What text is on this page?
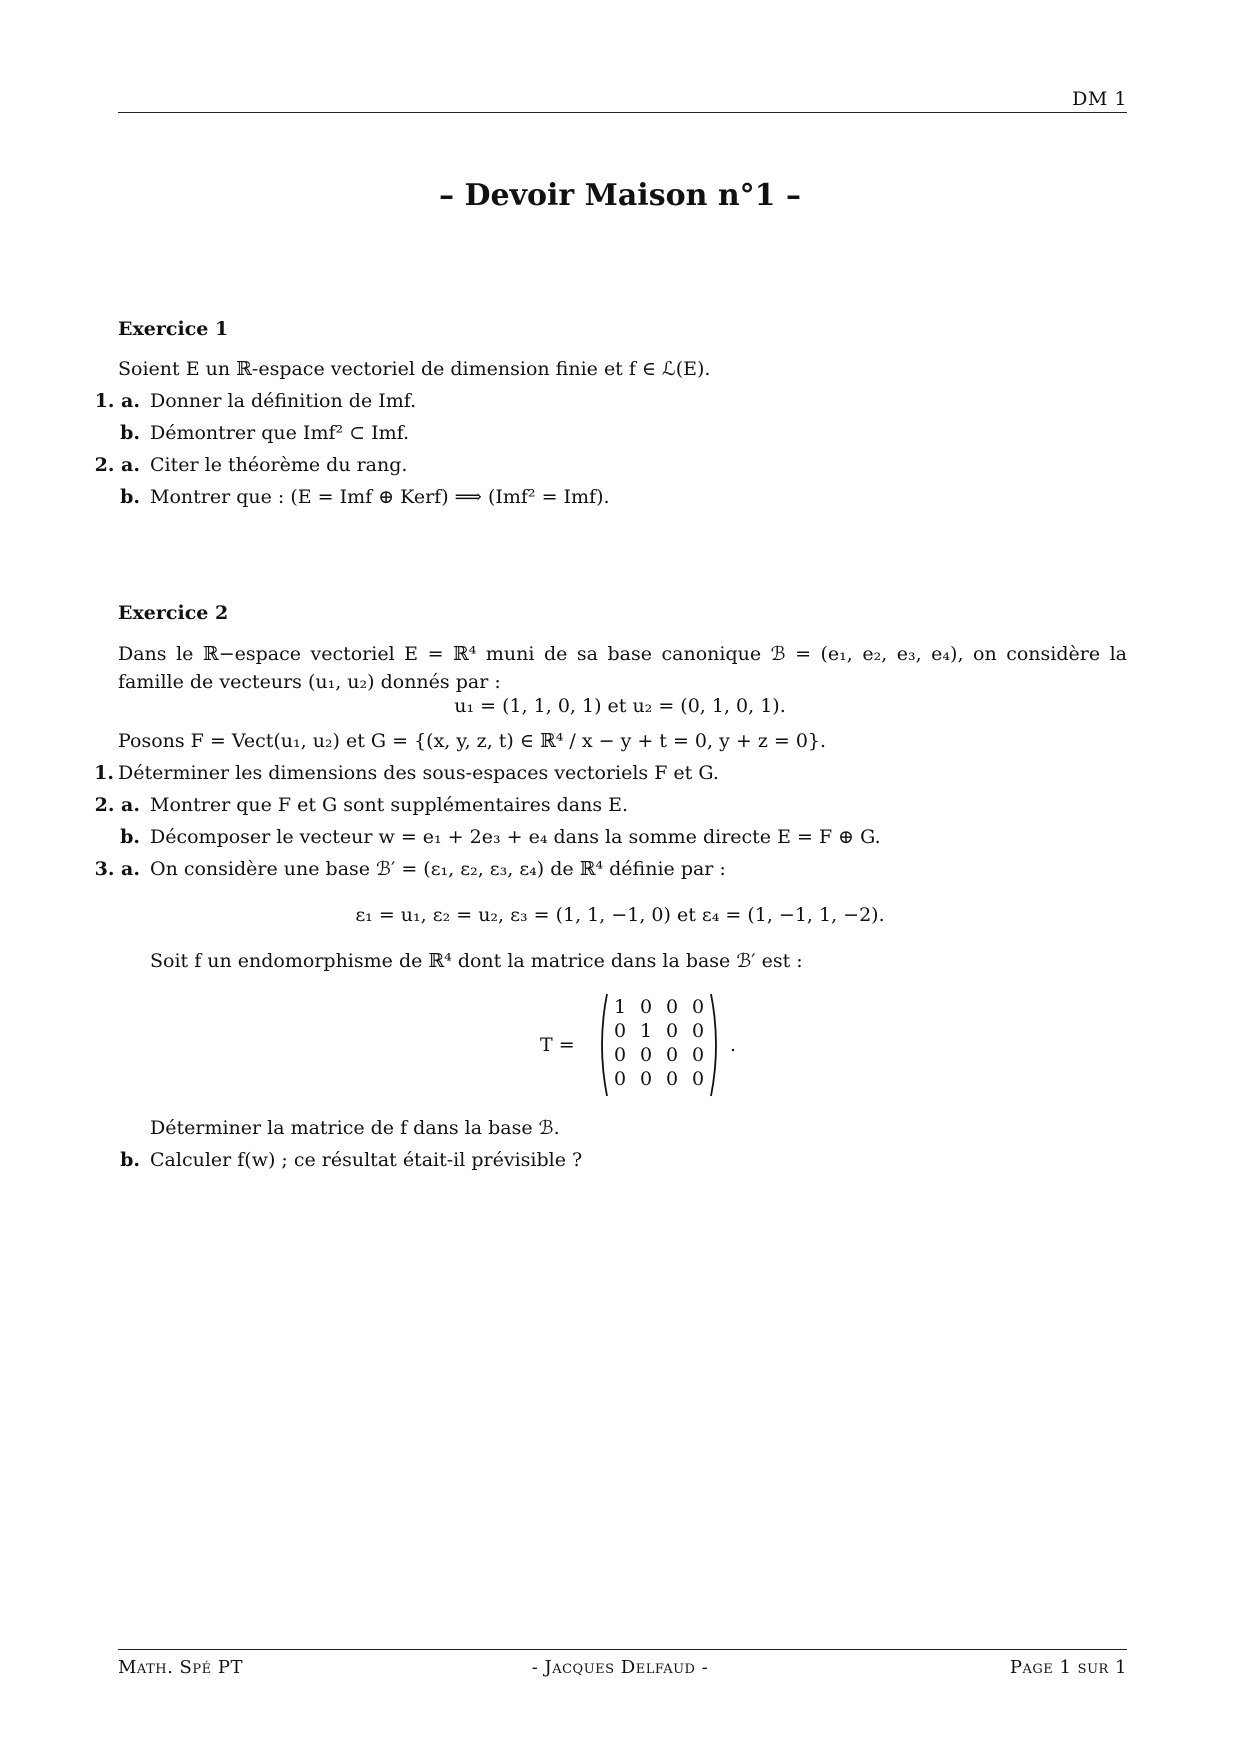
DM 1
– Devoir Maison n°1 –
Exercice 1
Soient E un ℝ-espace vectoriel de dimension finie et f ∈ ℒ(E).
1. a. Donner la définition de Imf.
b. Démontrer que Imf² ⊂ Imf.
2. a. Citer le théorème du rang.
b. Montrer que : (E = Imf ⊕ Kerf) ⟹ (Imf² = Imf).
Exercice 2
Dans le ℝ−espace vectoriel E = ℝ⁴ muni de sa base canonique ℬ = (e₁, e₂, e₃, e₄), on considère la famille de vecteurs (u₁, u₂) donnés par :
u₁ = (1, 1, 0, 1) et u₂ = (0, 1, 0, 1).
Posons F = Vect(u₁, u₂) et G = {(x, y, z, t) ∈ ℝ⁴ / x − y + t = 0, y + z = 0}.
1. Déterminer les dimensions des sous-espaces vectoriels F et G.
2. a. Montrer que F et G sont supplémentaires dans E.
b. Décomposer le vecteur w = e₁ + 2e₃ + e₄ dans la somme directe E = F ⊕ G.
3. a. On considère une base ℬ′ = (ε₁, ε₂, ε₃, ε₄) de ℝ⁴ définie par :
ε₁ = u₁, ε₂ = u₂, ε₃ = (1, 1, −1, 0) et ε₄ = (1, −1, 1, −2).
Soit f un endomorphisme de ℝ⁴ dont la matrice dans la base ℬ′ est :
T =
1 0 0 0
0 1 0 0
0 0 0 0
0 0 0 0
.
Déterminer la matrice de f dans la base ℬ.
b. Calculer f(w) ; ce résultat était-il prévisible ?
Math. Spé PT	- Jacques Delfaud -	Page 1 sur 1
